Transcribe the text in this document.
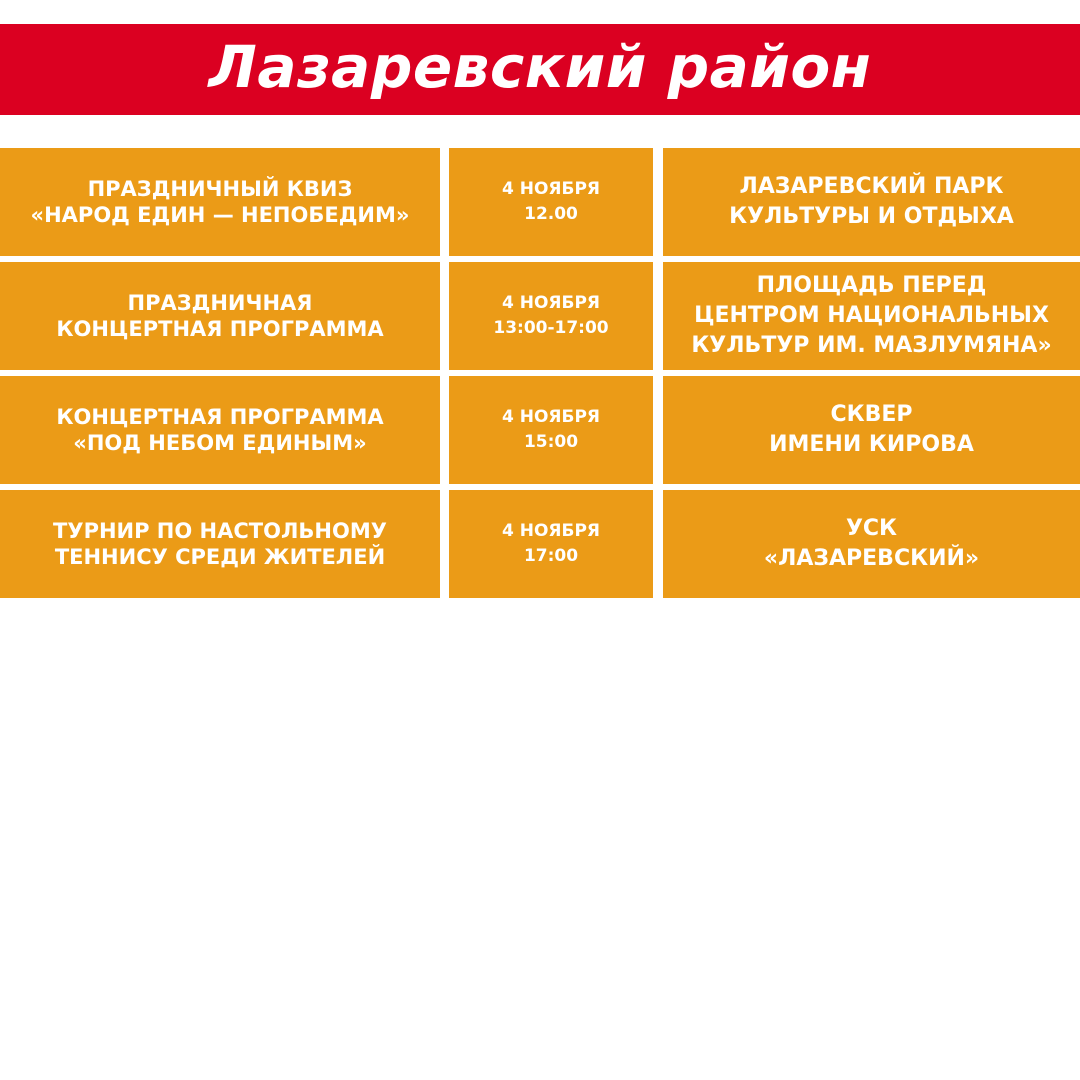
Лазаревский район
ПРАЗДНИЧНЫЙ КВИЗ
«НАРОД ЕДИН — НЕПОБЕДИМ»
4 НОЯБРЯ
12.00
ЛАЗАРЕВСКИЙ ПАРК
КУЛЬТУРЫ И ОТДЫХА
ПРАЗДНИЧНАЯ
КОНЦЕРТНАЯ ПРОГРАММА
4 НОЯБРЯ
13:00-17:00
ПЛОЩАДЬ ПЕРЕД
ЦЕНТРОМ НАЦИОНАЛЬНЫХ
КУЛЬТУР ИМ. МАЗЛУМЯНА»
КОНЦЕРТНАЯ ПРОГРАММА
«ПОД НЕБОМ ЕДИНЫМ»
4 НОЯБРЯ
15:00
СКВЕР
ИМЕНИ КИРОВА
ТУРНИР ПО НАСТОЛЬНОМУ
ТЕННИСУ СРЕДИ ЖИТЕЛЕЙ
4 НОЯБРЯ
17:00
УСК
«ЛАЗАРЕВСКИЙ»
